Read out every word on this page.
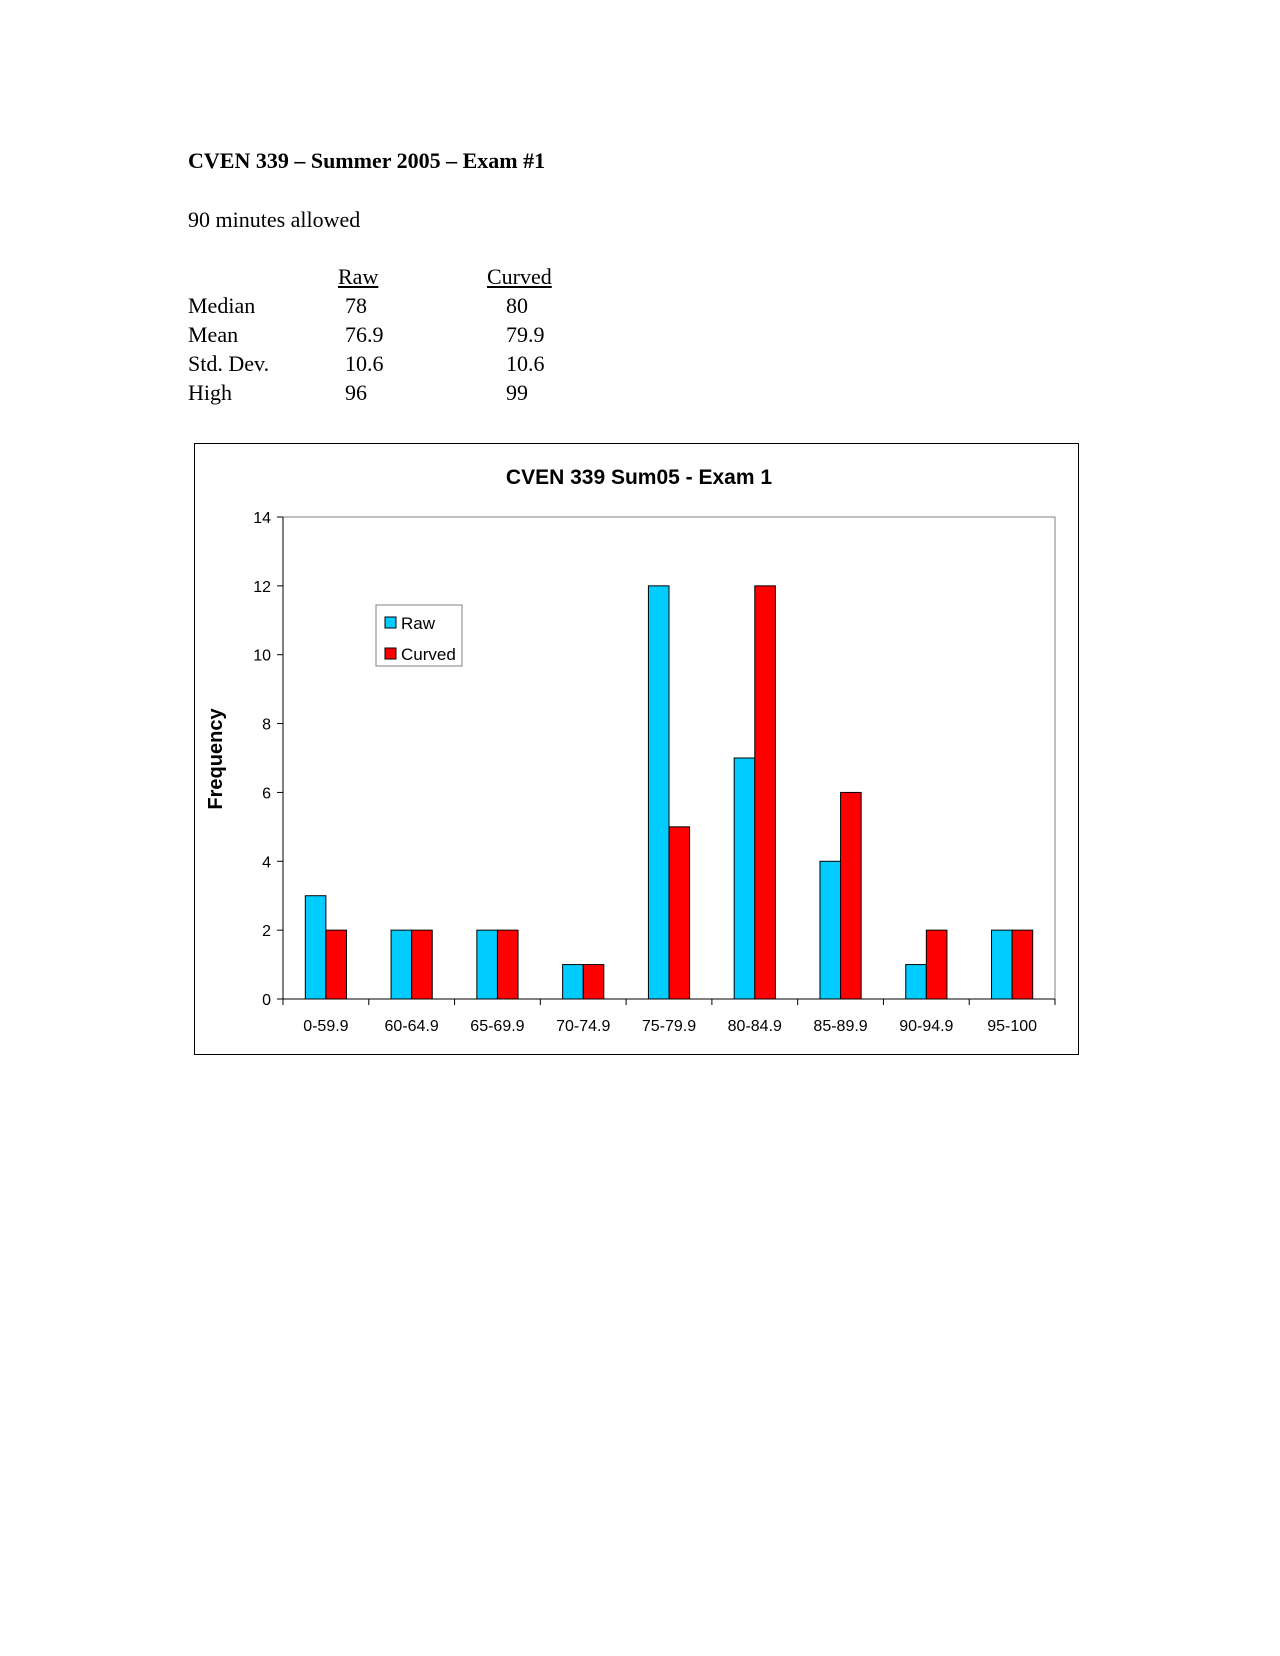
CVEN 339 – Summer 2005 – Exam #1
90 minutes allowed
Raw	Curved
Median	78	80
Mean	76.9	79.9
Std. Dev.	10.6	10.6
High	96	99
CVEN 339 Sum05 - Exam 1
Frequency
0
2
4
6
8
10
12
14
0-59.9 60-64.9 65-69.9 70-74.9 75-79.9 80-84.9 85-89.9 90-94.9 95-100
Raw
Curved
